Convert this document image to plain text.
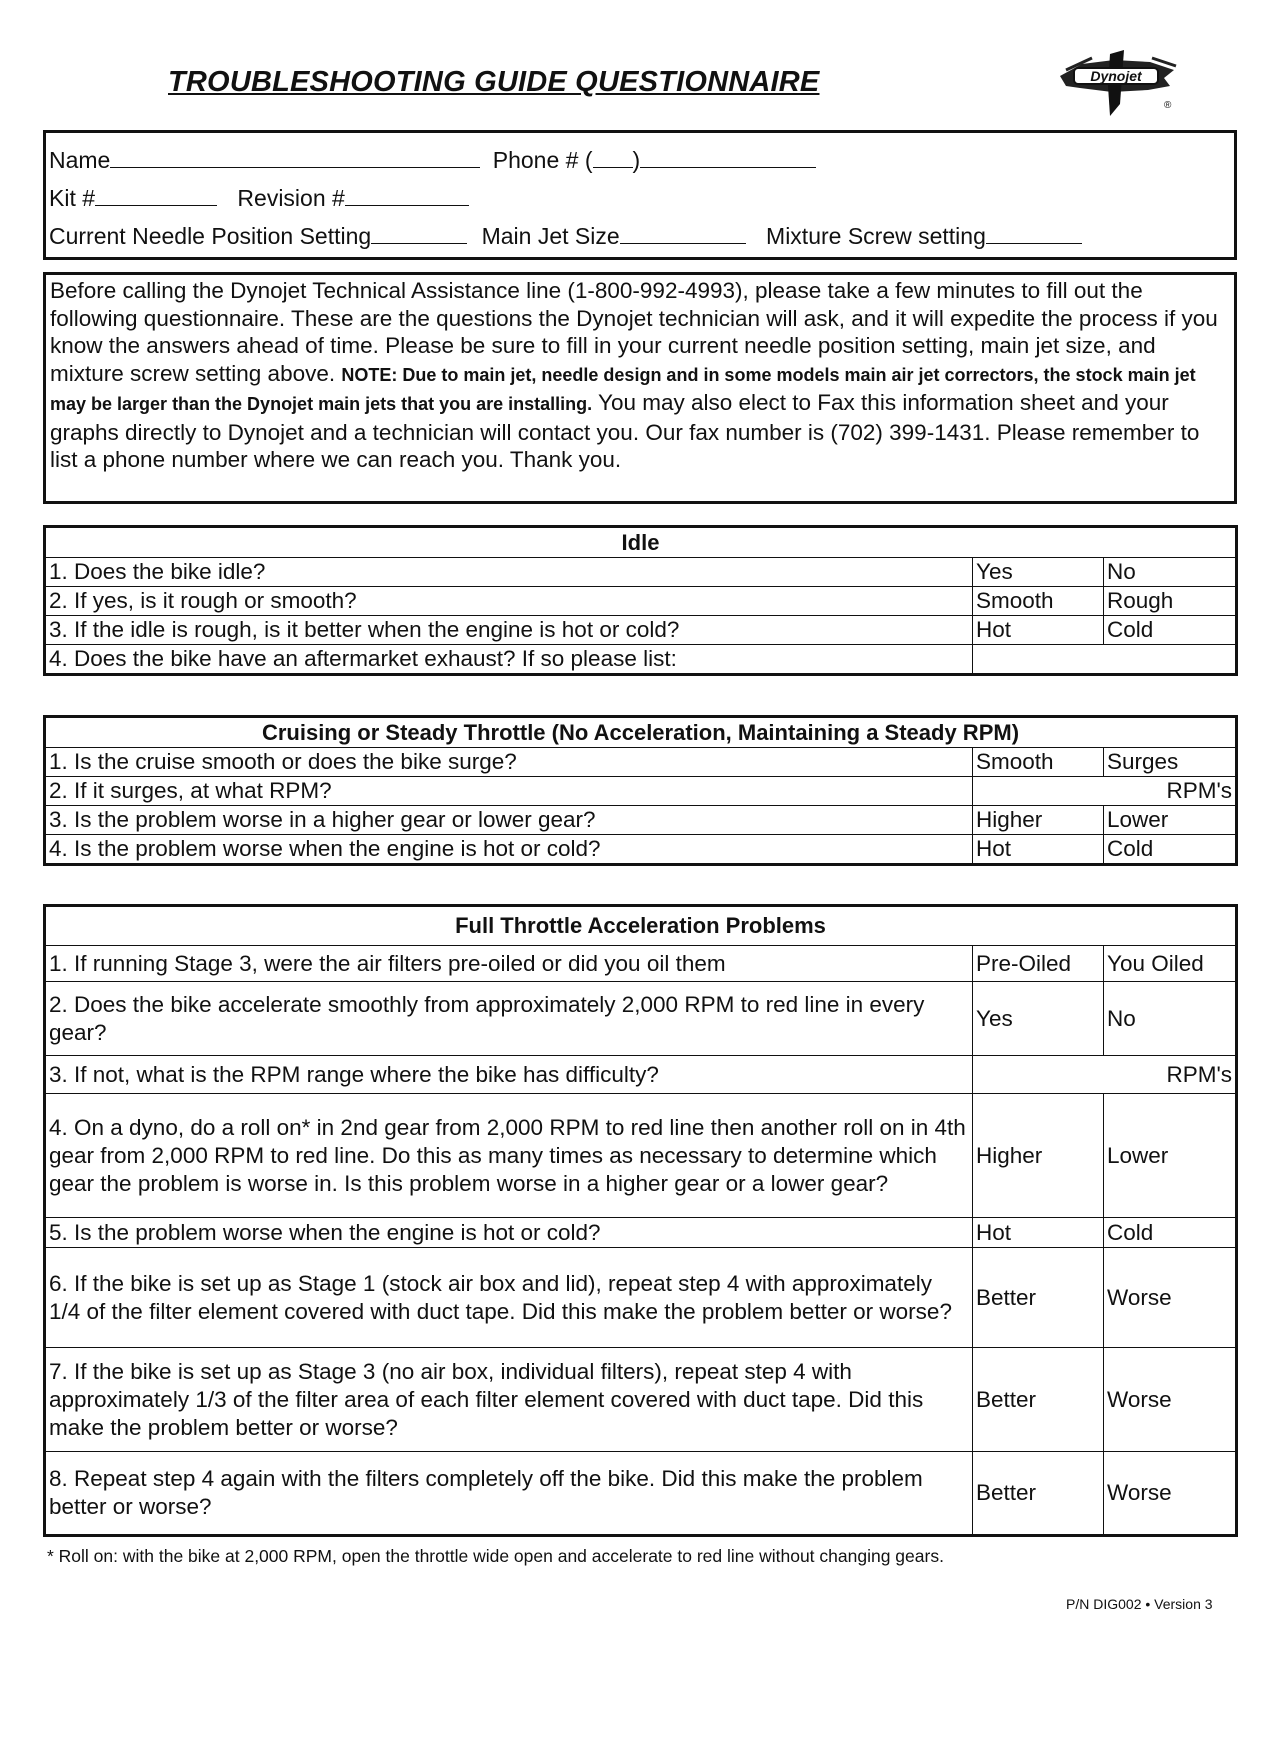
TROUBLESHOOTING GUIDE QUESTIONNAIRE	Dynojet
®
Name	Phone # ( )
Kit #	Revision #
Current Needle Position Setting	Main Jet Size	Mixture Screw setting

Before calling the Dynojet Technical Assistance line (1-800-992-4993), please take a few minutes to fill out the following questionnaire. These are the questions the Dynojet technician will ask, and it will expedite the process if you know the answers ahead of time. Please be sure to fill in your current needle position setting, main jet size, and mixture screw setting above. NOTE: Due to main jet, needle design and in some models main air jet correctors, the stock main jet may be larger than the Dynojet main jets that you are installing. You may also elect to Fax this information sheet and your graphs directly to Dynojet and a technician will contact you. Our fax number is (702) 399-1431. Please remember to list a phone number where we can reach you. Thank you.

Idle		
1. Does the bike idle?	Yes	No
2. If yes, is it rough or smooth?	Smooth	Rough
3. If the idle is rough, is it better when the engine is hot or cold?	Hot	Cold
4. Does the bike have an aftermarket exhaust? If so please list:		
Cruising or Steady Throttle (No Acceleration, Maintaining a Steady RPM)		
1. Is the cruise smooth or does the bike surge?	Smooth	Surges
2. If it surges, at what RPM?	RPM's	
3. Is the problem worse in a higher gear or lower gear?	Higher	Lower
4. Is the problem worse when the engine is hot or cold?	Hot	Cold
Full Throttle Acceleration Problems		
1. If running Stage 3, were the air filters pre-oiled or did you oil them	Pre-Oiled	You Oiled
2. Does the bike accelerate smoothly from approximately 2,000 RPM to red line in every gear?	Yes	No
3. If not, what is the RPM range where the bike has difficulty?	RPM's	
4. On a dyno, do a roll on* in 2nd gear from 2,000 RPM to red line then another roll on in 4th gear from 2,000 RPM to red line. Do this as many times as necessary to determine which gear the problem is worse in. Is this problem worse in a higher gear or a lower gear?	Higher	Lower
5. Is the problem worse when the engine is hot or cold?	Hot	Cold
6. If the bike is set up as Stage 1 (stock air box and lid), repeat step 4 with approximately 1/4 of the filter element covered with duct tape. Did this make the problem better or worse?	Better	Worse
7. If the bike is set up as Stage 3 (no air box, individual filters), repeat step 4 with approximately 1/3 of the filter area of each filter element covered with duct tape. Did this make the problem better or worse?	Better	Worse
8. Repeat step 4 again with the filters completely off the bike. Did this make the problem better or worse?	Better	Worse
* Roll on: with the bike at 2,000 RPM, open the throttle wide open and accelerate to red line without changing gears.
P/N DIG002 • Version 3
